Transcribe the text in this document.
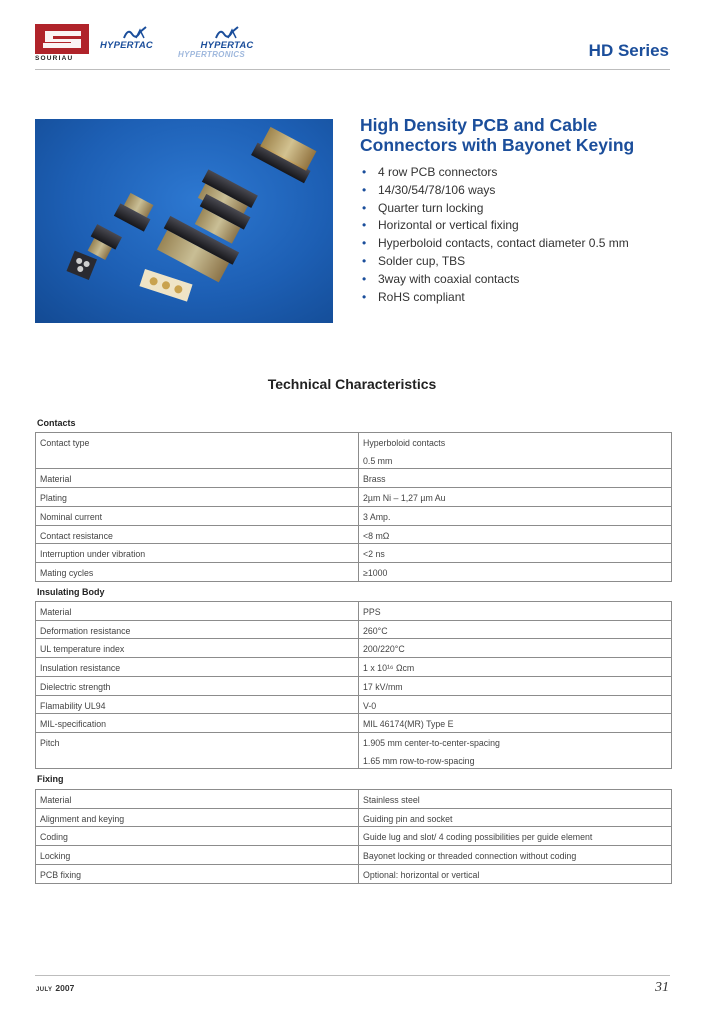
SOURIAU
HYPERTAC	HYPERTAC
HYPERTRONICS	HD Series
High Density PCB and Cable
Connectors with Bayonet Keying
• 4 row PCB connectors
• 14/30/54/78/106 ways
• Quarter turn locking
• Horizontal or vertical fixing
• Hyperboloid contacts, contact diameter 0.5 mm
• Solder cup, TBS
• 3way with coaxial contacts
• RoHS compliant
Technical Characteristics
Contacts
Contact type	Hyperboloid contacts
0.5 mm

Material	Brass
Plating	2µm Ni – 1,27 µm Au
Nominal current	3 Amp.
Contact resistance	<8 mΩ
Interruption under vibration	<2 ns
Mating cycles	≥1000
Insulating Body
Material	PPS
Deformation resistance	260°C
UL temperature index	200/220°C
Insulation resistance	1 x 10¹⁶ Ωcm
Dielectric strength	17 kV/mm
Flamability UL94	V-0
MIL-specification	MIL 46174(MR) Type E
Pitch	1.905 mm center-to-center-spacing
1.65 mm row-to-row-spacing
Fixing
Material	Stainless steel
Alignment and keying	Guiding pin and socket
Coding	Guide lug and slot/ 4 coding possibilities per guide element
Locking	Bayonet locking or threaded connection without coding
PCB fixing	Optional: horizontal or vertical
JULY 2007	31
